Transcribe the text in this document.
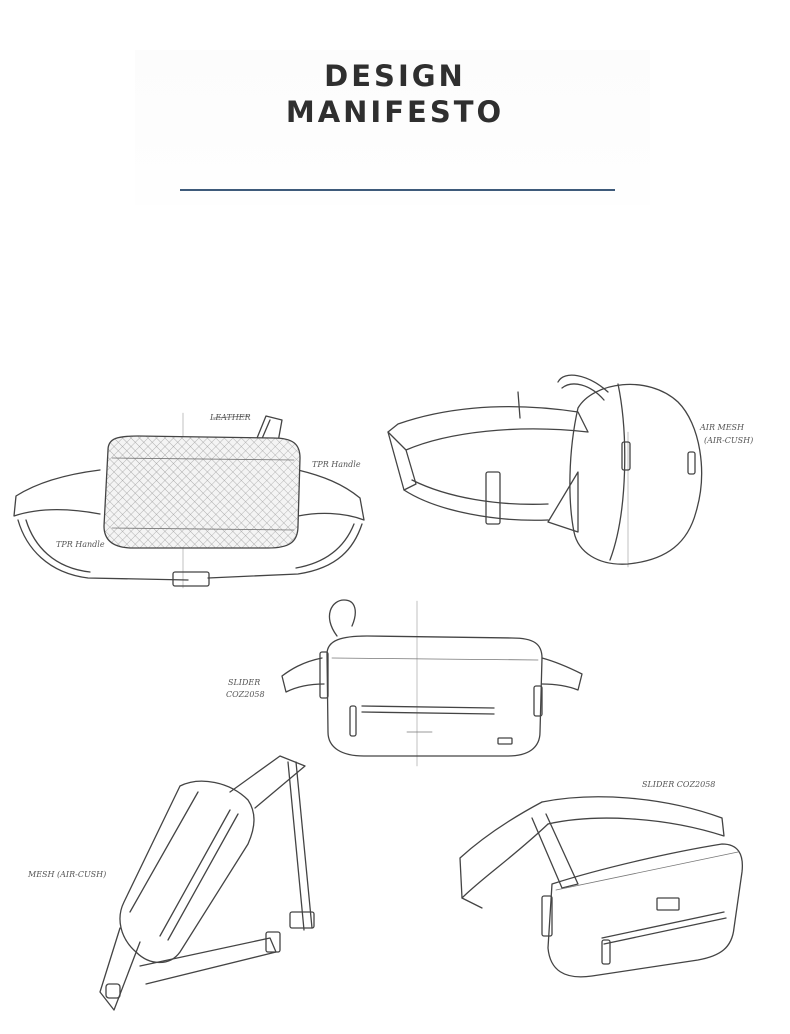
DESIGN
MANIFESTO
LEATHER
TPR Handle
TPR Handle
AIR MESH
(AIR-CUSH)
SLIDER
COZ2058
MESH (AIR-CUSH)
SLIDER COZ2058
